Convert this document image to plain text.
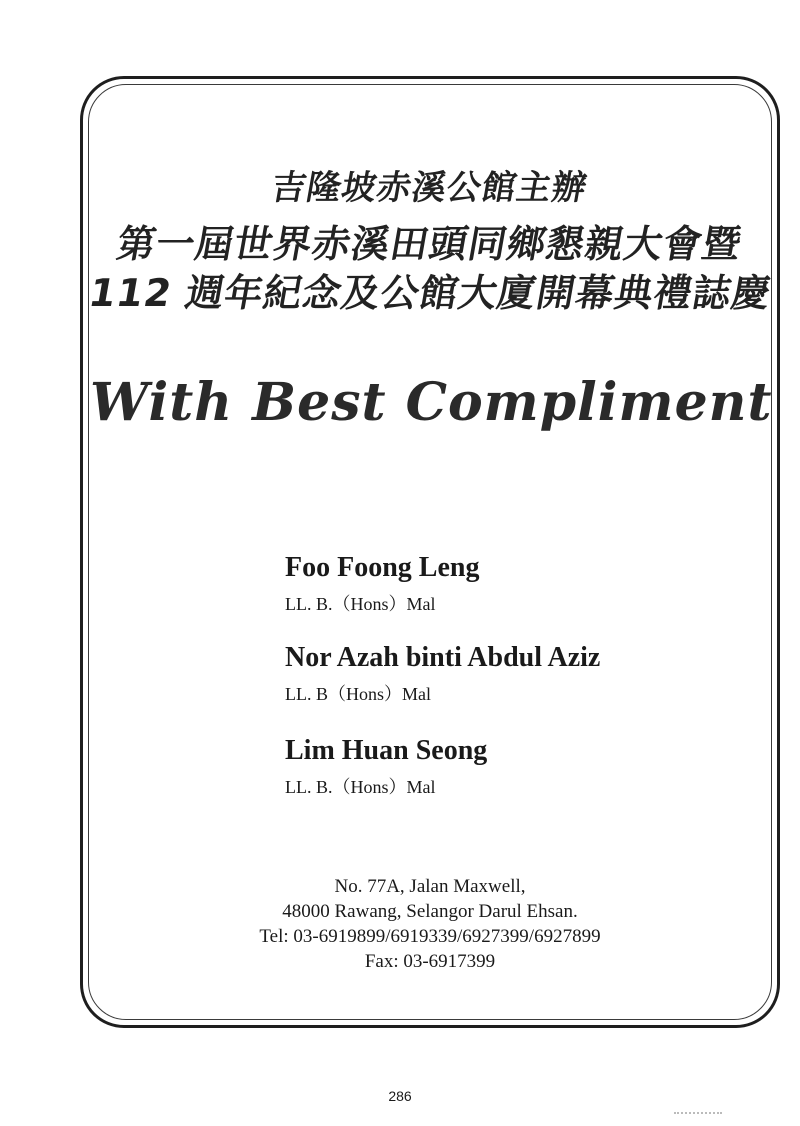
吉隆坡赤溪公館主辦
第一屆世界赤溪田頭同鄉懇親大會暨
112 週年紀念及公館大廈開幕典禮誌慶
With Best Compliment
Foo Foong Leng
LL. B.（Hons）Mal
Nor Azah binti Abdul Aziz
LL. B（Hons）Mal
Lim Huan Seong
LL. B.（Hons）Mal
No. 77A, Jalan Maxwell,
48000 Rawang, Selangor Darul Ehsan.
Tel: 03-6919899/6919339/6927399/6927899
Fax: 03-6917399
286
